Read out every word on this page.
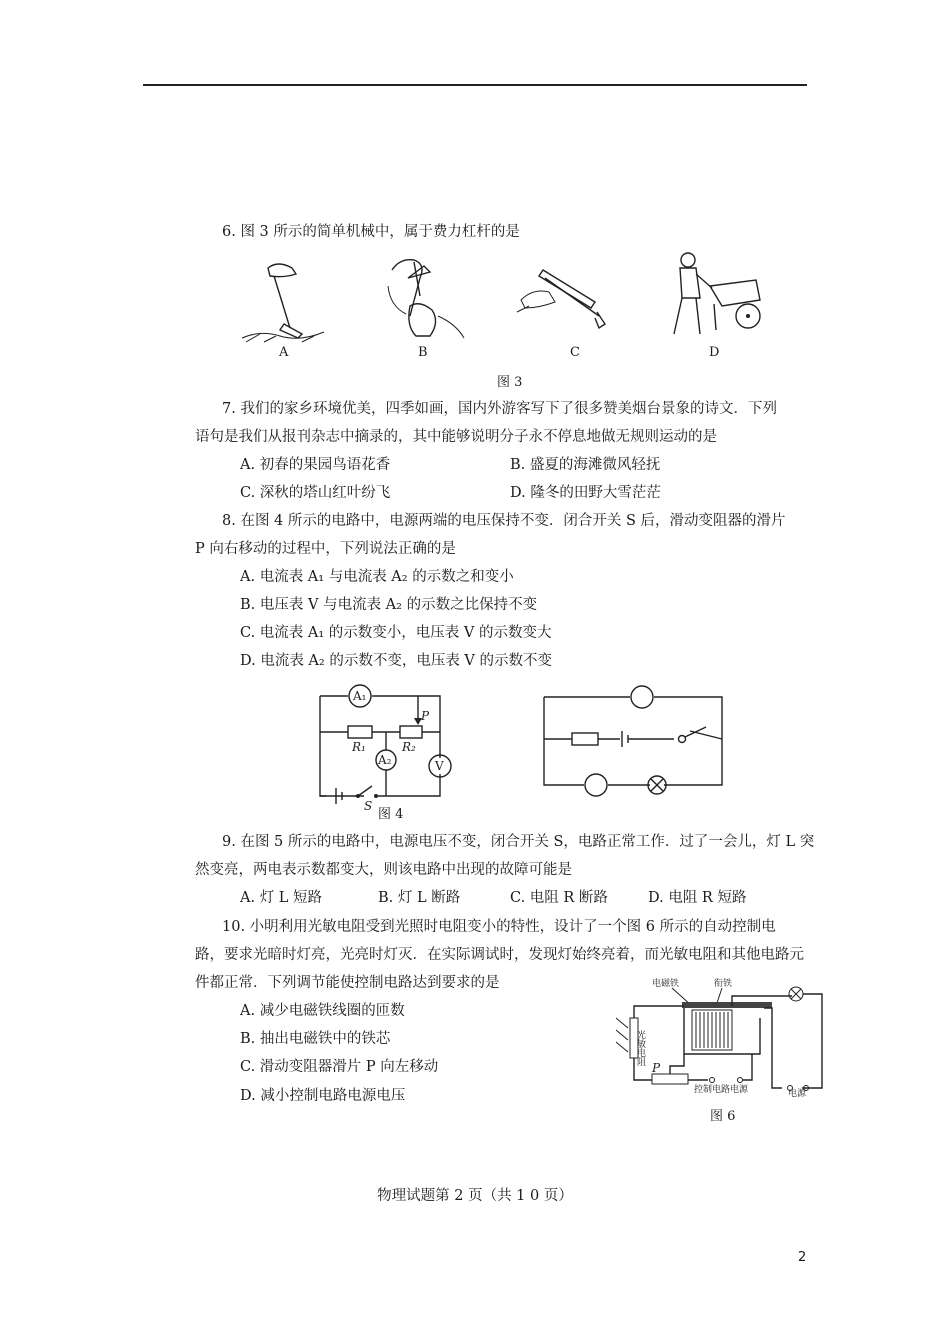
6. 图 3 所示的简单机械中，属于费力杠杆的是
A	B	C	D
图 3
7. 我们的家乡环境优美，四季如画，国内外游客写下了很多赞美烟台景象的诗文．下列
语句是我们从报刊杂志中摘录的，其中能够说明分子永不停息地做无规则运动的是
A. 初春的果园鸟语花香	B. 盛夏的海滩微风轻抚
C. 深秋的塔山红叶纷飞	D. 隆冬的田野大雪茫茫
8. 在图 4 所示的电路中，电源两端的电压保持不变．闭合开关 S 后，滑动变阻器的滑片
P 向右移动的过程中，下列说法正确的是
A. 电流表 A₁ 与电流表 A₂ 的示数之和变小
B. 电压表 V 与电流表 A₂ 的示数之比保持不变
C. 电流表 A₁ 的示数变小，电压表 V 的示数变大
D. 电流表 A₂ 的示数不变，电压表 V 的示数不变
A₁
R₁	R₂
P
A₂	V
S
图 4
9. 在图 5 所示的电路中，电源电压不变，闭合开关 S，电路正常工作．过了一会儿，灯 L 突
然变亮，两电表示数都变大，则该电路中出现的故障可能是
A. 灯 L 短路	B. 灯 L 断路	C. 电阻 R 断路	D. 电阻 R 短路
10. 小明利用光敏电阻受到光照时电阻变小的特性，设计了一个图 6 所示的自动控制电
路，要求光暗时灯亮，光亮时灯灭．在实际调试时，发现灯始终亮着，而光敏电阻和其他电路元
件都正常．下列调节能使控制电路达到要求的是
A. 减少电磁铁线圈的匝数
B. 抽出电磁铁中的铁芯
C. 滑动变阻器滑片 P 向左移动
D. 减小控制电路电源电压
电磁铁	衔铁
电源
光敏电阻
P
控制电路电源
图 6
物理试题第 2 页（共 1 0 页）
2
